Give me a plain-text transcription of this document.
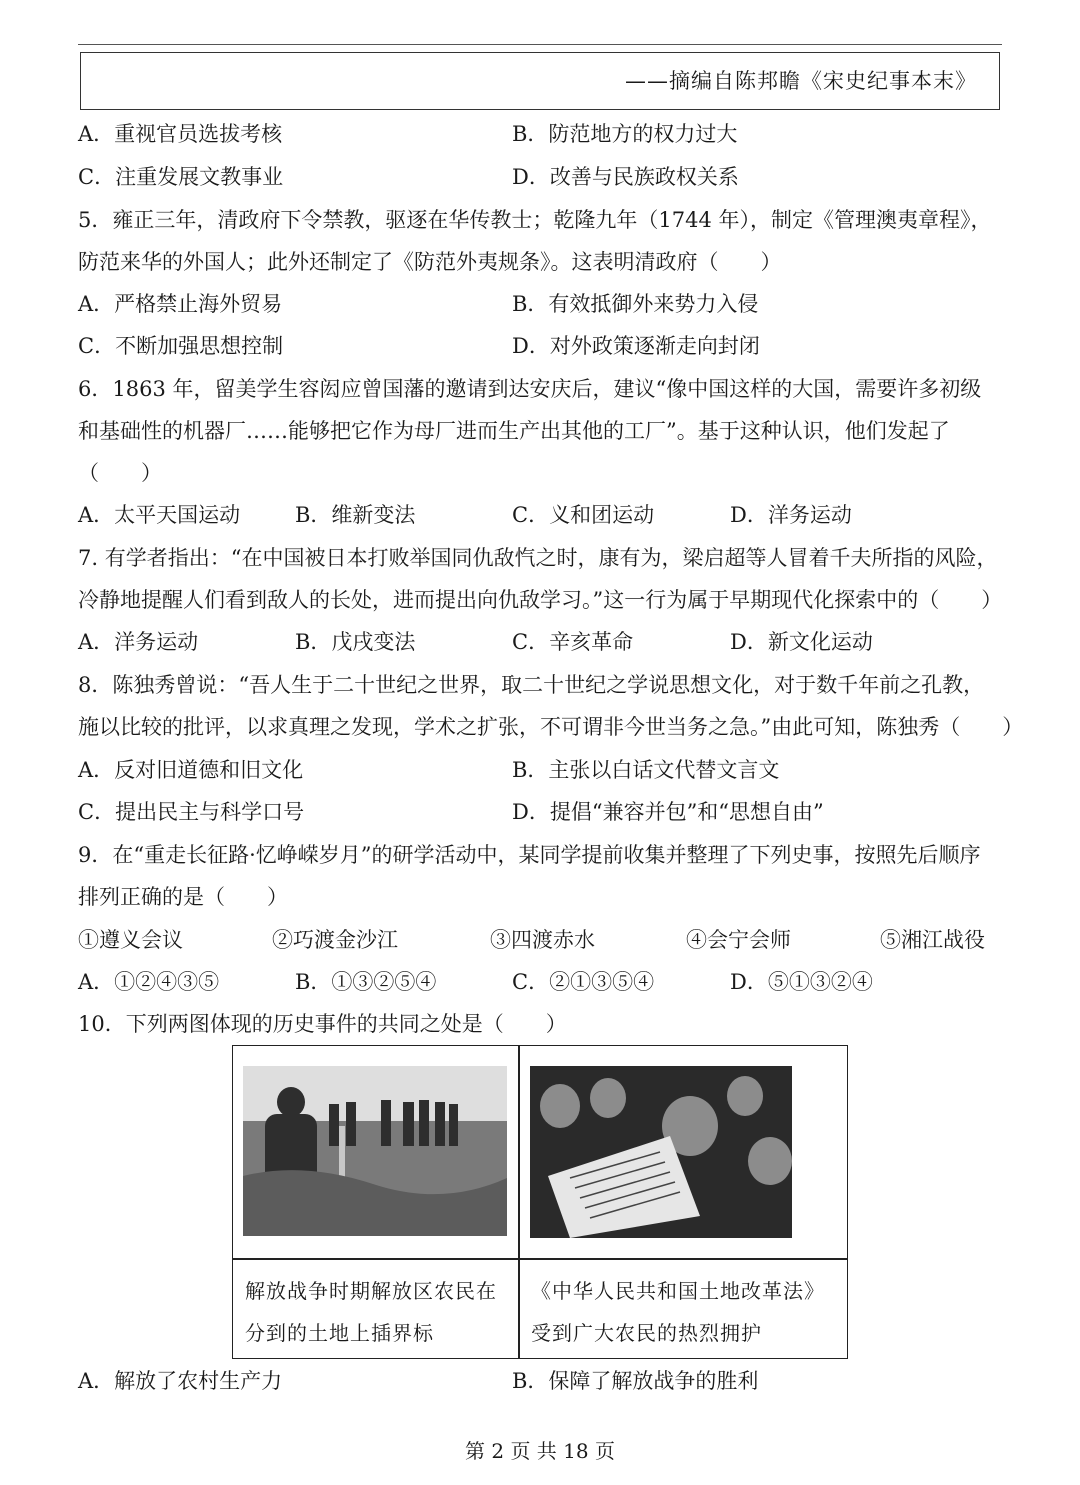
——摘编自陈邦瞻《宋史纪事本末》
A．重视官员选拔考核	B．防范地方的权力过大
C．注重发展文教事业	D．改善与民族政权关系
5．雍正三年，清政府下令禁教，驱逐在华传教士；乾隆九年（1744 年），制定《管理澳夷章程》，
防范来华的外国人；此外还制定了《防范外夷规条》。这表明清政府（　　）
A．严格禁止海外贸易	B．有效抵御外来势力入侵
C．不断加强思想控制	D．对外政策逐渐走向封闭
6．1863 年，留美学生容闳应曾国藩的邀请到达安庆后，建议“像中国这样的大国，需要许多初级
和基础性的机器厂……能够把它作为母厂进而生产出其他的工厂”。基于这种认识，他们发起了
（　　）
A．太平天国运动	B．维新变法	C．义和团运动	D．洋务运动
7. 有学者指出：“在中国被日本打败举国同仇敌忾之时，康有为，梁启超等人冒着千夫所指的风险，
冷静地提醒人们看到敌人的长处，进而提出向仇敌学习。”这一行为属于早期现代化探索中的（　　）
A．洋务运动	B．戊戌变法	C．辛亥革命	D．新文化运动
8．陈独秀曾说：“吾人生于二十世纪之世界，取二十世纪之学说思想文化，对于数千年前之孔教，
施以比较的批评，以求真理之发现，学术之扩张，不可谓非今世当务之急。”由此可知，陈独秀（　　）
A．反对旧道德和旧文化	B．主张以白话文代替文言文
C．提出民主与科学口号	D．提倡“兼容并包”和“思想自由”
9．在“重走长征路·忆峥嵘岁月”的研学活动中，某同学提前收集并整理了下列史事，按照先后顺序
排列正确的是（　　）
①遵义会议	②巧渡金沙江	③四渡赤水	④会宁会师	⑤湘江战役
A．①②④③⑤	B．①③②⑤④	C．②①③⑤④	D．⑤①③②④
10．下列两图体现的历史事件的共同之处是（　　）
解放战争时期解放区农民在
分到的土地上插界标
《中华人民共和国土地改革法》
受到广大农民的热烈拥护
A．解放了农村生产力	B．保障了解放战争的胜利
第 2 页 共 18 页
